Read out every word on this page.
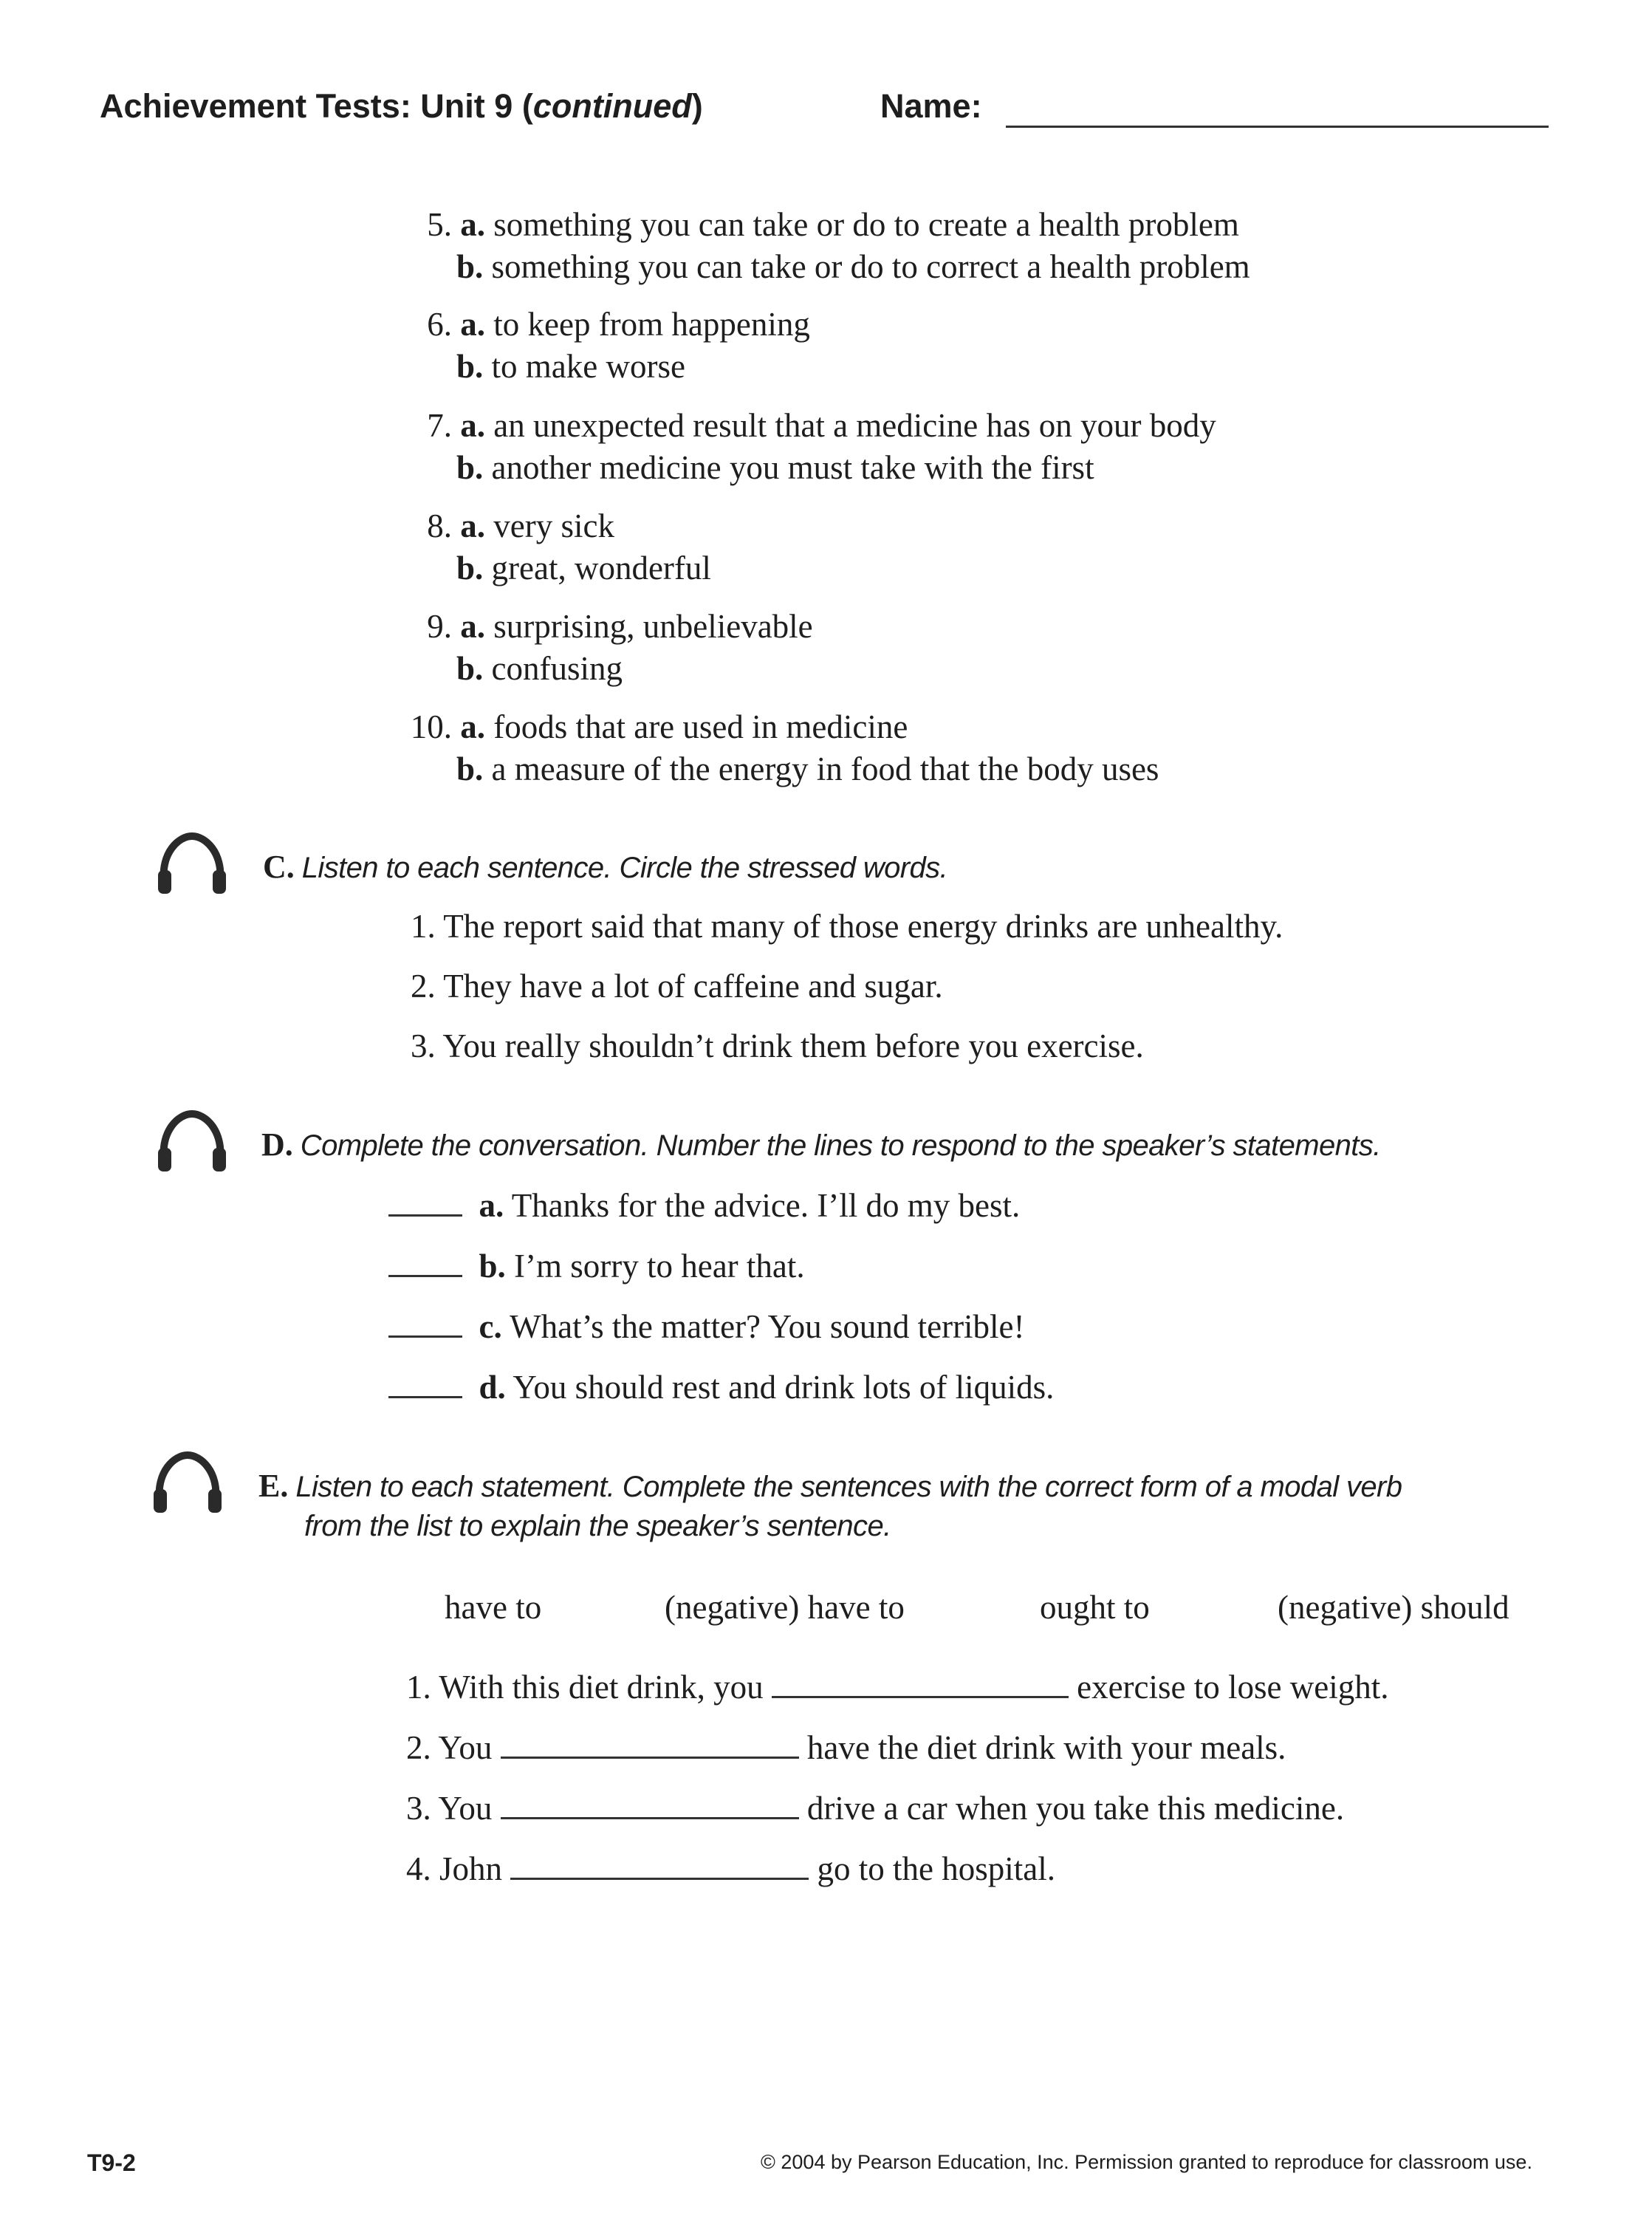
Achievement Tests: Unit 9 (continued)	Name:
5. a. something you can take or do to create a health problem
b. something you can take or do to correct a health problem
6. a. to keep from happening
b. to make worse
7. a. an unexpected result that a medicine has on your body
b. another medicine you must take with the first
8. a. very sick
b. great, wonderful
9. a. surprising, unbelievable
b. confusing
10. a. foods that are used in medicine
b. a measure of the energy in food that the body uses
C. Listen to each sentence. Circle the stressed words.
1. The report said that many of those energy drinks are unhealthy.
2. They have a lot of caffeine and sugar.
3. You really shouldn’t drink them before you exercise.
D. Complete the conversation. Number the lines to respond to the speaker’s statements.
a. Thanks for the advice. I’ll do my best.
b. I’m sorry to hear that.
c. What’s the matter? You sound terrible!
d. You should rest and drink lots of liquids.
E. Listen to each statement. Complete the sentences with the correct form of a modal verb
from the list to explain the speaker’s sentence.
have to	(negative) have to	ought to	(negative) should
1. With this diet drink, you	exercise to lose weight.
2. You	have the diet drink with your meals.
3. You	drive a car when you take this medicine.
4. John	go to the hospital.
T9-2	© 2004 by Pearson Education, Inc. Permission granted to reproduce for classroom use.
